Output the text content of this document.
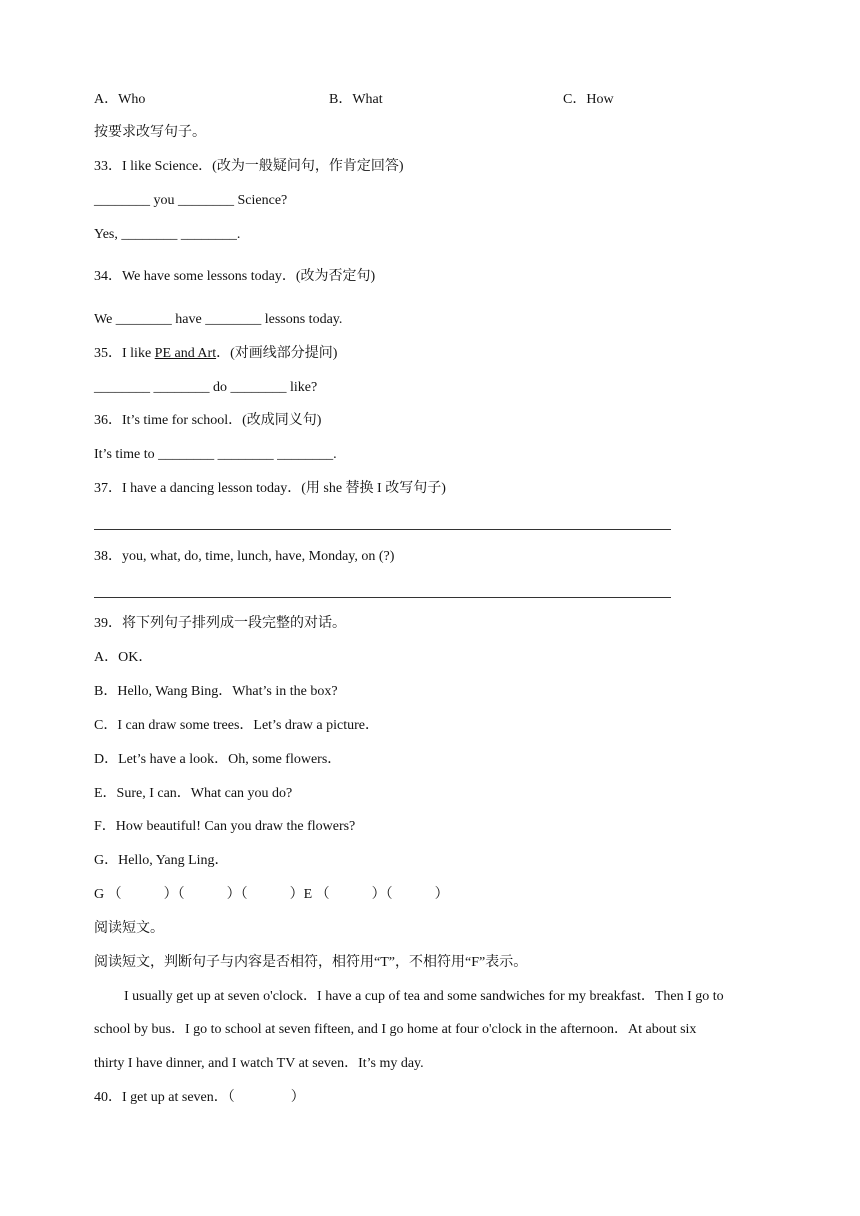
A．Who	B．What	C．How
按要求改写句子。
33．I like Science．(改为一般疑问句，作肯定回答)
________ you ________ Science?
Yes, ________ ________.
34．We have some lessons today．(改为否定句)
We ________ have ________ lessons today.
35．I like PE and Art．(对画线部分提问)
________ ________ do ________ like?
36．It’s time for school．(改成同义句)
It’s time to ________ ________ ________.
37．I have a dancing lesson today．(用 she 替换 I 改写句子)
38．you, what, do, time, lunch, have, Monday, on (?)
39．将下列句子排列成一段完整的对话。
A．OK．
B．Hello, Wang Bing．What’s in the box?
C．I can draw some trees．Let’s draw a picture．
D．Let’s have a look．Oh, some flowers．
E．Sure, I can．What can you do?
F．How beautiful! Can you draw the flowers?
G．Hello, Yang Ling．
G （　　　）（　　　）（　　　）E （　　　）（　　　）
阅读短文。
阅读短文，判断句子与内容是否相符，相符用“T”，不相符用“F”表示。
I usually get up at seven o'clock．I have a cup of tea and some sandwiches for my breakfast．Then I go to
school by bus．I go to school at seven fifteen, and I go home at four o'clock in the afternoon．At about six
thirty I have dinner, and I watch TV at seven．It’s my day.
40．I get up at seven．（　　　　）
